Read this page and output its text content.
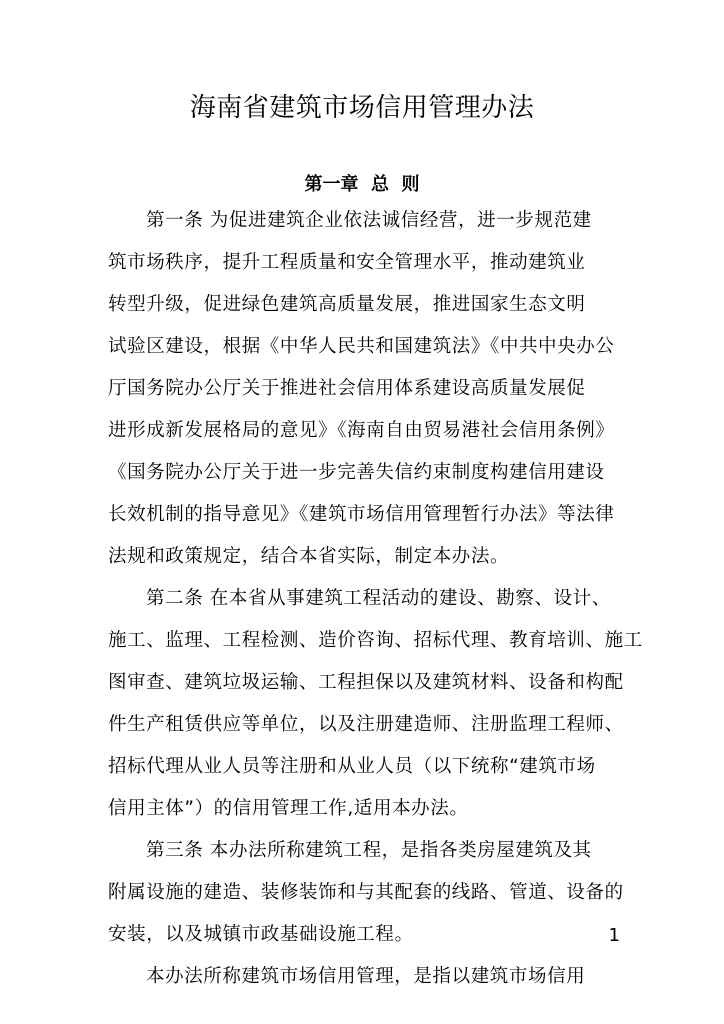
海南省建筑市场信用管理办法
第一章  总  则
第一条 为促进建筑企业依法诚信经营，进一步规范建
筑市场秩序，提升工程质量和安全管理水平，推动建筑业
转型升级，促进绿色建筑高质量发展，推进国家生态文明
试验区建设，根据《中华人民共和国建筑法》《中共中央办公
厅国务院办公厅关于推进社会信用体系建设高质量发展促
进形成新发展格局的意见》《海南自由贸易港社会信用条例》
《国务院办公厅关于进一步完善失信约束制度构建信用建设
长效机制的指导意见》《建筑市场信用管理暂行办法》等法律
法规和政策规定，结合本省实际，制定本办法。
第二条 在本省从事建筑工程活动的建设、勘察、设计、
施工、监理、工程检测、造价咨询、招标代理、教育培训、施工
图审查、建筑垃圾运输、工程担保以及建筑材料、设备和构配
件生产租赁供应等单位，以及注册建造师、注册监理工程师、
招标代理从业人员等注册和从业人员（以下统称“建筑市场
信用主体”）的信用管理工作,适用本办法。
第三条 本办法所称建筑工程，是指各类房屋建筑及其
附属设施的建造、装修装饰和与其配套的线路、管道、设备的
安装，以及城镇市政基础设施工程。
本办法所称建筑市场信用管理，是指以建筑市场信用
1
